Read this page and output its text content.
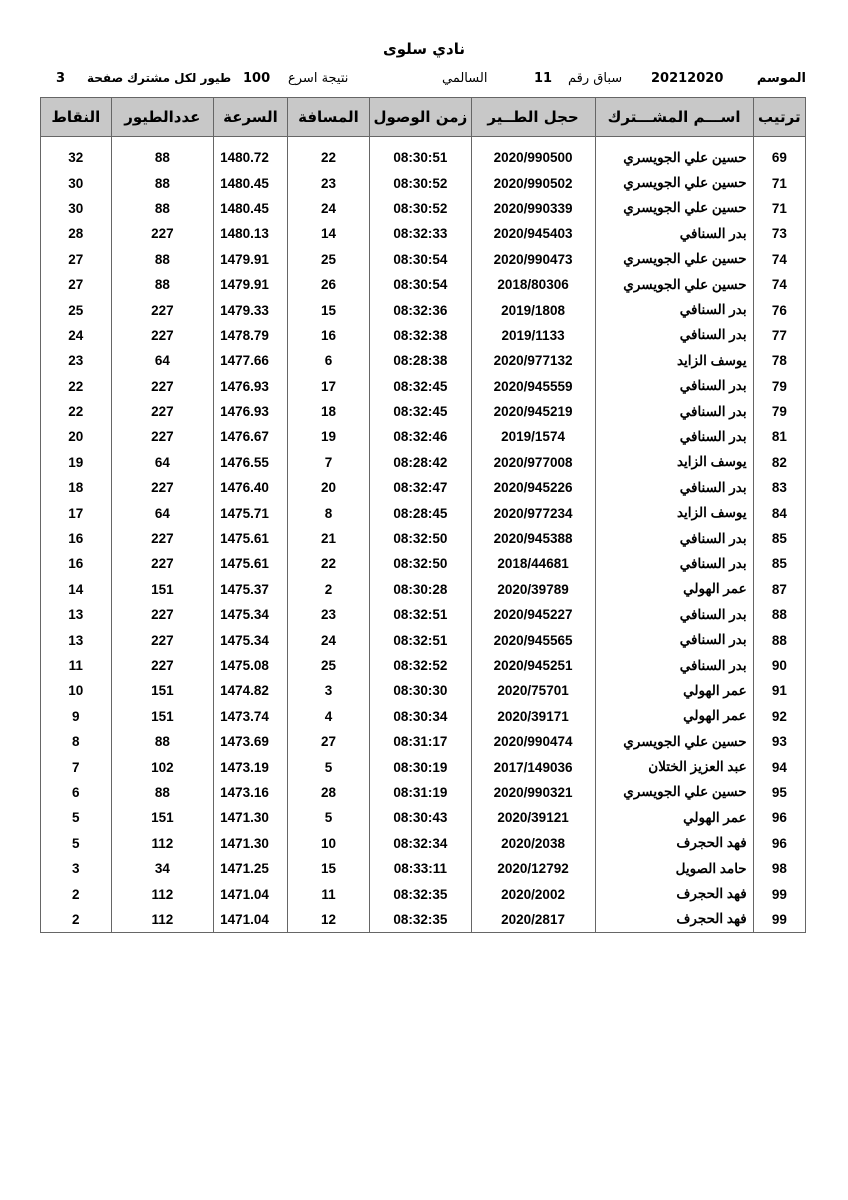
نادي سلوى
الموسم
20212020
سباق رقم
11
السالمي
نتيجة اسرع
100
طيور لكل مشترك
صفحة
3
ترتيب	اســـم المشـــترك	حجل الطــير	زمن الوصول	المسافة	السرعة	عددالطيور	النقاط

69	حسين علي الجويسري	2020/990500	08:30:51	22	1480.72	88	32
71	حسين علي الجويسري	2020/990502	08:30:52	23	1480.45	88	30
71	حسين علي الجويسري	2020/990339	08:30:52	24	1480.45	88	30
73	بدر السنافي	2020/945403	08:32:33	14	1480.13	227	28
74	حسين علي الجويسري	2020/990473	08:30:54	25	1479.91	88	27
74	حسين علي الجويسري	2018/80306	08:30:54	26	1479.91	88	27
76	بدر السنافي	2019/1808	08:32:36	15	1479.33	227	25
77	بدر السنافي	2019/1133	08:32:38	16	1478.79	227	24
78	يوسف الزايد	2020/977132	08:28:38	6	1477.66	64	23
79	بدر السنافي	2020/945559	08:32:45	17	1476.93	227	22
79	بدر السنافي	2020/945219	08:32:45	18	1476.93	227	22
81	بدر السنافي	2019/1574	08:32:46	19	1476.67	227	20
82	يوسف الزايد	2020/977008	08:28:42	7	1476.55	64	19
83	بدر السنافي	2020/945226	08:32:47	20	1476.40	227	18
84	يوسف الزايد	2020/977234	08:28:45	8	1475.71	64	17
85	بدر السنافي	2020/945388	08:32:50	21	1475.61	227	16
85	بدر السنافي	2018/44681	08:32:50	22	1475.61	227	16
87	عمر الهولي	2020/39789	08:30:28	2	1475.37	151	14
88	بدر السنافي	2020/945227	08:32:51	23	1475.34	227	13
88	بدر السنافي	2020/945565	08:32:51	24	1475.34	227	13
90	بدر السنافي	2020/945251	08:32:52	25	1475.08	227	11
91	عمر الهولي	2020/75701	08:30:30	3	1474.82	151	10
92	عمر الهولي	2020/39171	08:30:34	4	1473.74	151	9
93	حسين علي الجويسري	2020/990474	08:31:17	27	1473.69	88	8
94	عبد العزيز الختلان	2017/149036	08:30:19	5	1473.19	102	7
95	حسين علي الجويسري	2020/990321	08:31:19	28	1473.16	88	6
96	عمر الهولي	2020/39121	08:30:43	5	1471.30	151	5
96	فهد الحجرف	2020/2038	08:32:34	10	1471.30	112	5
98	حامد الصويل	2020/12792	08:33:11	15	1471.25	34	3
99	فهد الحجرف	2020/2002	08:32:35	11	1471.04	112	2
99	فهد الحجرف	2020/2817	08:32:35	12	1471.04	112	2
